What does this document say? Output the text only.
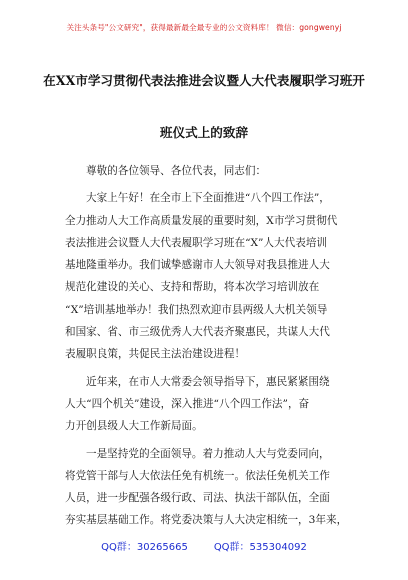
关注头条号"公文研究"，获得最新最全最专业的公文资料库！ 微信：gongwenyj
在XX市学习贯彻代表法推进会议暨人大代表履职学习班开
班仪式上的致辞
尊敬的各位领导、各位代表，同志们：
大家上午好！在全市上下全面推进“八个四工作法”，
全力推动人大工作高质量发展的重要时刻，X市学习贯彻代
表法推进会议暨人大代表履职学习班在“X”人大代表培训
基地隆重举办。我们诚挚感谢市人大领导对我县推进人大
规范化建设的关心、支持和帮助，将本次学习培训放在
“X”培训基地举办！我们热烈欢迎市县两级人大机关领导
和国家、省、市三级优秀人大代表齐聚惠民，共谋人大代
表履职良策，共促民主法治建设进程！
近年来，在市人大常委会领导指导下，惠民紧紧围绕
人大“四个机关”建设，深入推进“八个四工作法”，奋
力开创县级人大工作新局面。
一是坚持党的全面领导。着力推动人大与党委同向，
将党管干部与人大依法任免有机统一。依法任免机关工作
人员，进一步配强各级行政、司法、执法干部队伍，全面
夯实基层基础工作。将党委决策与人大决定相统一，3年来，
QQ群：30265665	QQ群：535304092
